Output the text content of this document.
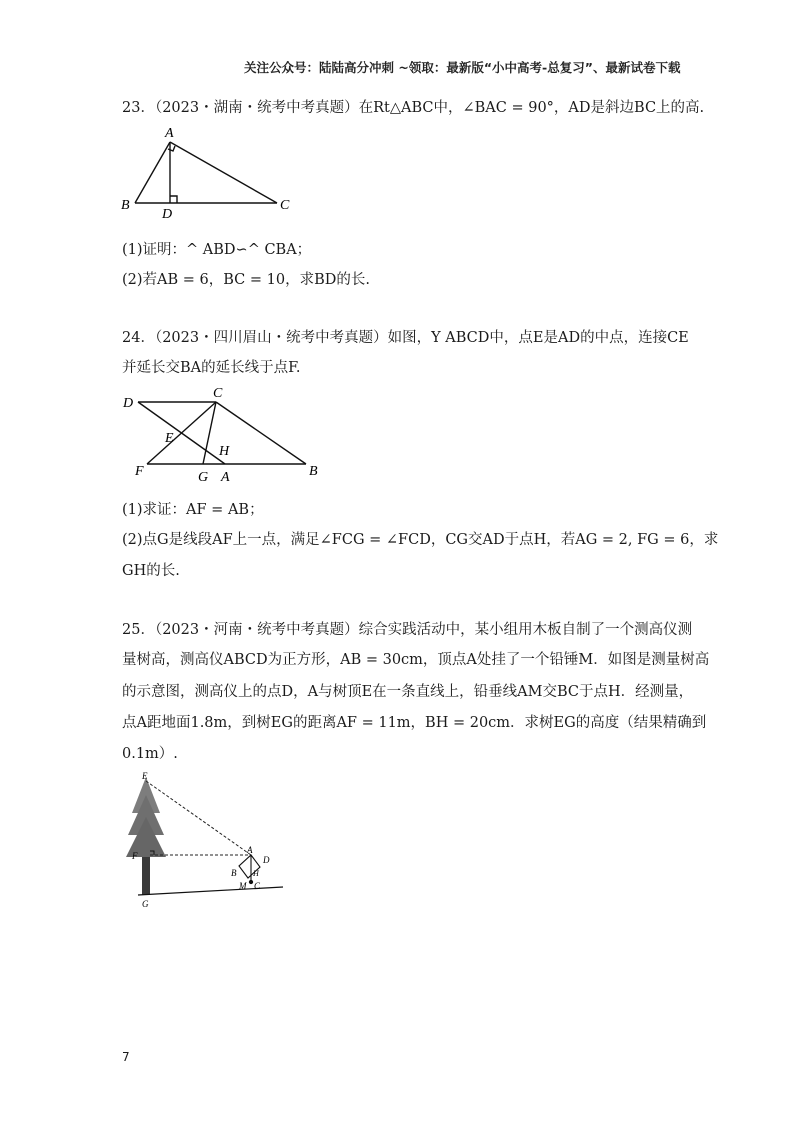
关注公众号：陆陆高分冲刺 ~领取：最新版“小中高考-总复习”、最新试卷下载
23．（2023・湖南・统考中考真题）在Rt△ABC中，∠BAC = 90°，AD是斜边BC上的高.
A
B
D
C
(1)证明：^ ABD∽^ CBA；
(2)若AB = 6，BC = 10，求BD的长.
24．（2023・四川眉山・统考中考真题）如图，Y ABCD中，点E是AD的中点，连接CE
并延长交BA的延长线于点F.
D
C
E
H
F	G A	B
(1)求证：AF = AB；
(2)点G是线段AF上一点，满足∠FCG = ∠FCD，CG交AD于点H，若AG = 2, FG = 6，求
GH的长.
25．（2023・河南・统考中考真题）综合实践活动中，某小组用木板自制了一个测高仪测
量树高，测高仪ABCD为正方形，AB = 30cm，顶点A处挂了一个铅锤M．如图是测量树高
的示意图，测高仪上的点D，A与树顶E在一条直线上，铅垂线AM交BC于点H．经测量，
点A距地面1.8m，到树EG的距离AF = 11m，BH = 20cm．求树EG的高度（结果精确到
0.1m）.
E
F
A
D
B H
M C
G
7
